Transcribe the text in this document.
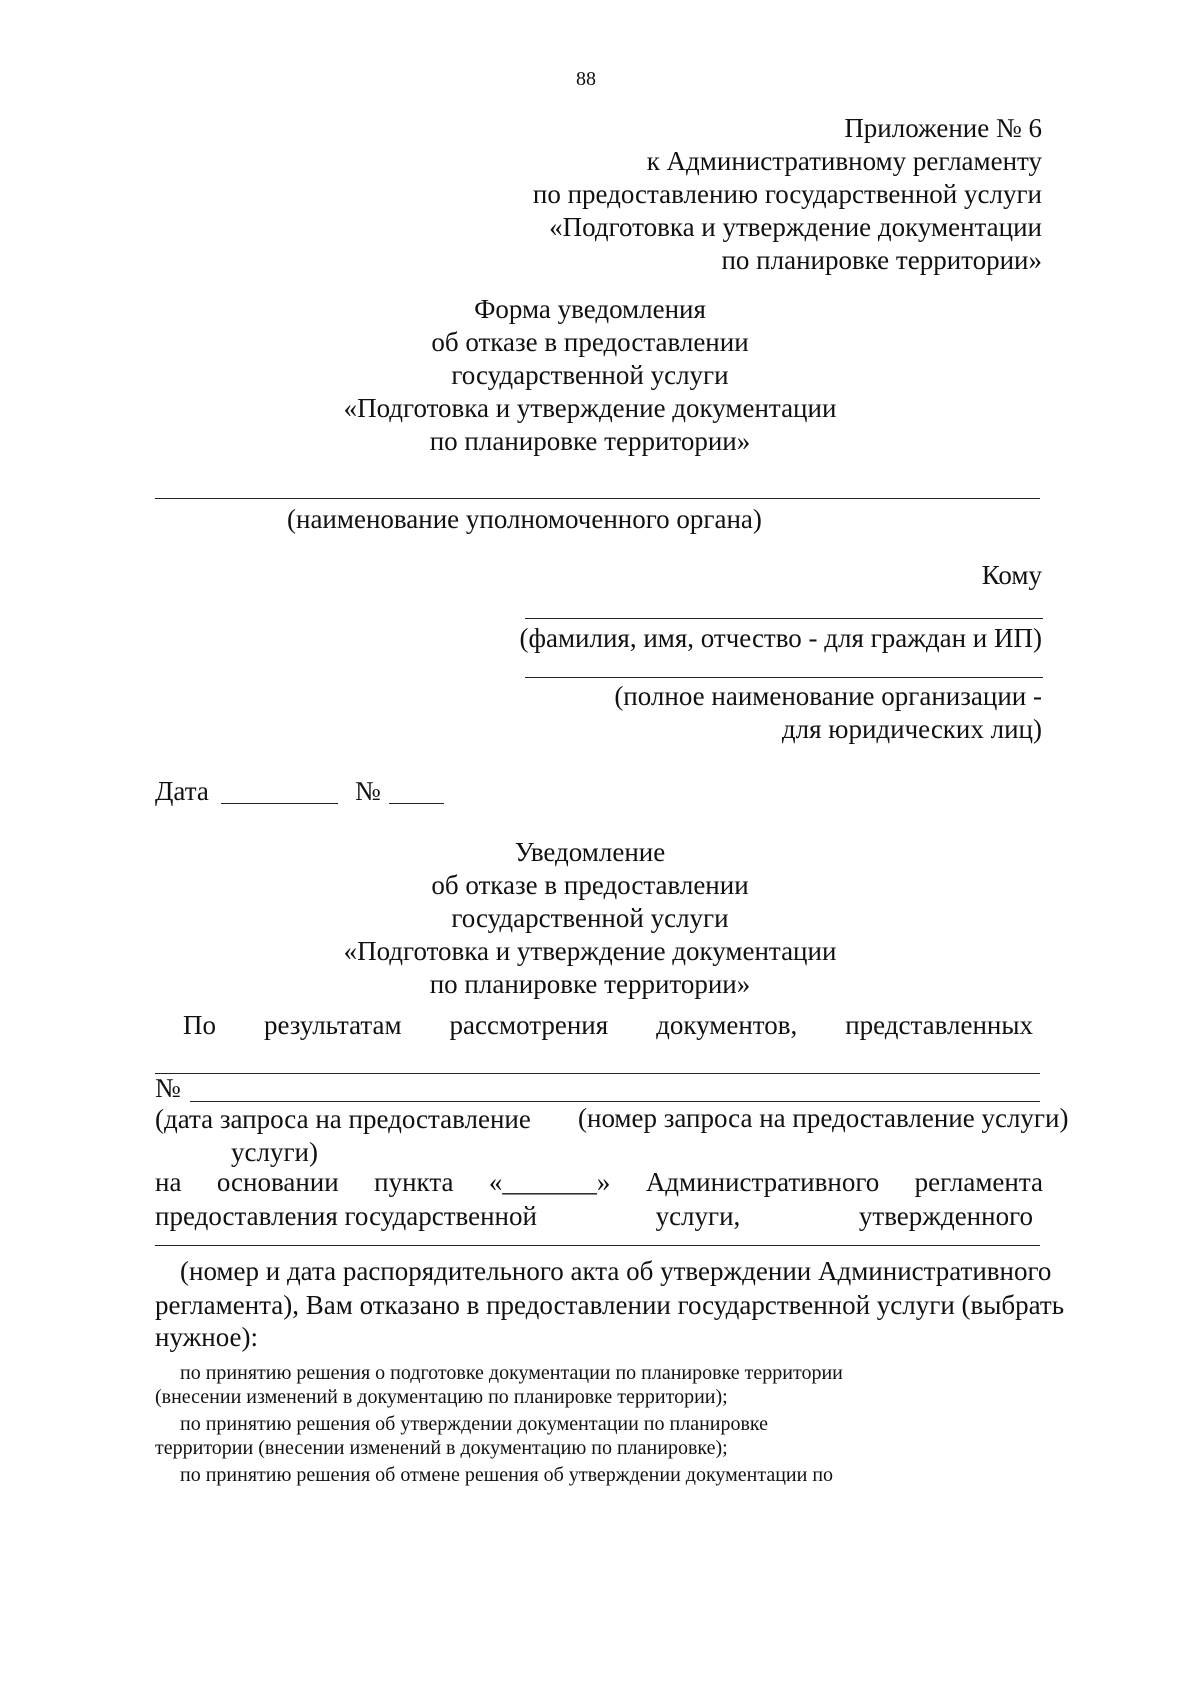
88
Приложение № 6
к Административному регламенту
по предоставлению государственной услуги
«Подготовка и утверждение документации
по планировке территории»
Форма уведомления
об отказе в предоставлении
государственной услуги
«Подготовка и утверждение документации
по планировке территории»
(наименование уполномоченного органа)
Кому
(фамилия, имя, отчество - для граждан и ИП)
(полное наименование организации -
для юридических лиц)
Дата	№
Уведомление
об отказе в предоставлении
государственной услуги
«Подготовка и утверждение документации
по планировке территории»
По результатам рассмотрения документов, представленных
№
(дата запроса на предоставление
услуги)
(номер запроса на предоставление услуги)
на основании пункта «_______» Административного регламента
предоставления государственной	услуги,	утвержденного
(номер и дата распорядительного акта об утверждении Административного
регламента), Вам отказано в предоставлении государственной услуги (выбрать
нужное):
по принятию решения о подготовке документации по планировке территории
(внесении изменений в документацию по планировке территории);
по принятию решения об утверждении документации по планировке
территории (внесении изменений в документацию по планировке);
по принятию решения об отмене решения об утверждении документации по
